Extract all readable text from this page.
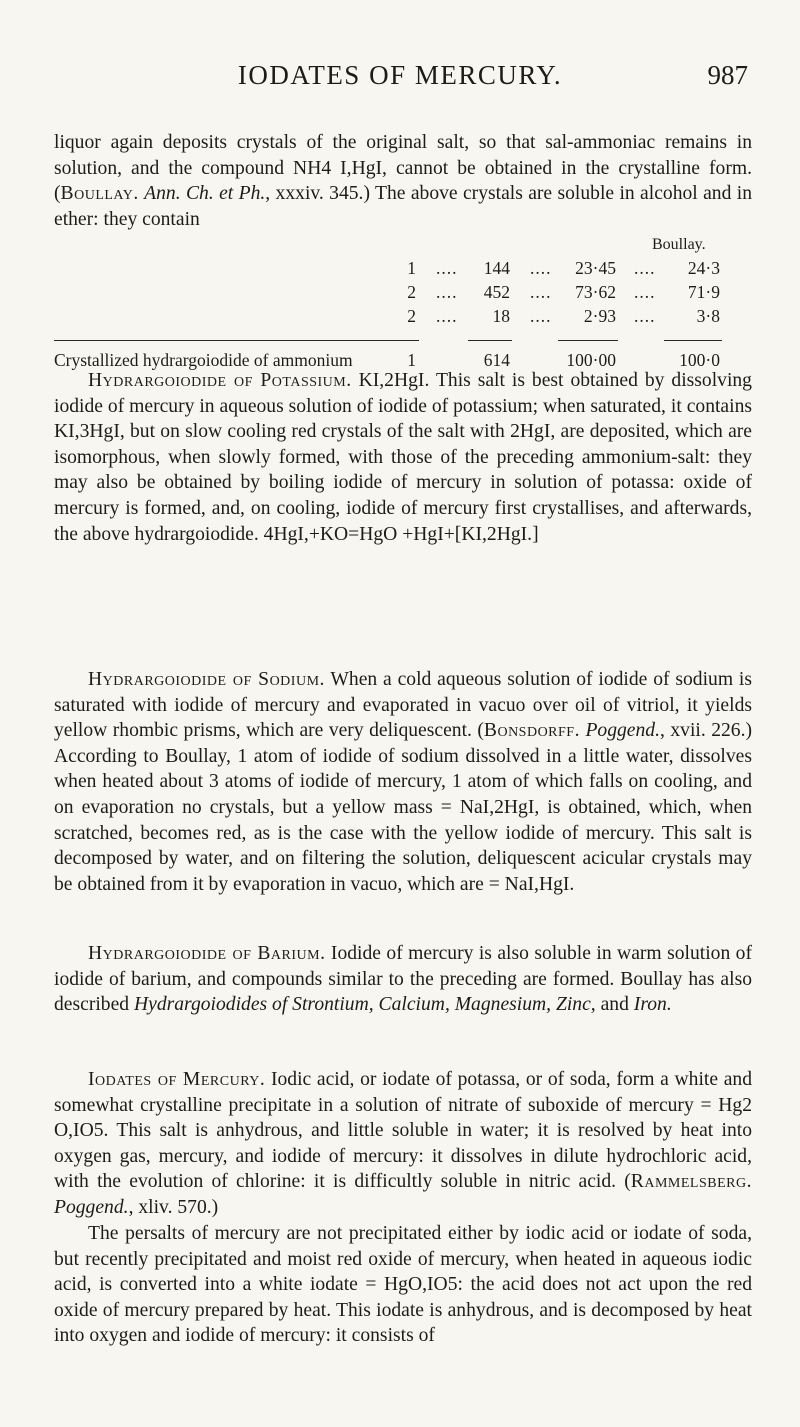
IODATES OF MERCURY.	987

liquor again deposits crystals of the original salt, so that sal-ammoniac remains in solution, and the compound NH4 I,HgI, cannot be obtained in the crystalline form. (Boullay. Ann. Ch. et Ph., xxxiv. 345.) The above crystals are soluble in alcohol and in ether: they contain

Boullay.
1 ....	144 ....	23·45 ....	24·3
2 ....	452 ....	73·62 ....	71·9
2 ....	18 ....	2·93 ....	3·8
Crystallized hydrargoiodide of ammonium	1	614	100·00	100·0

Hydrargoiodide of Potassium. KI,2HgI. This salt is best obtained by dissolving iodide of mercury in aqueous solution of iodide of potassium; when saturated, it contains KI,3HgI, but on slow cooling red crystals of the salt with 2HgI, are deposited, which are isomorphous, when slowly formed, with those of the preceding ammonium-salt: they may also be obtained by boiling iodide of mercury in solution of potassa: oxide of mercury is formed, and, on cooling, iodide of mercury first crystallises, and afterwards, the above hydrargoiodide. 4HgI,+KO=HgO +HgI+[KI,2HgI.]

Hydrargoiodide of Sodium. When a cold aqueous solution of iodide of sodium is saturated with iodide of mercury and evaporated in vacuo over oil of vitriol, it yields yellow rhombic prisms, which are very deliquescent. (Bonsdorff. Poggend., xvii. 226.) According to Boullay, 1 atom of iodide of sodium dissolved in a little water, dissolves when heated about 3 atoms of iodide of mercury, 1 atom of which falls on cooling, and on evaporation no crystals, but a yellow mass = NaI,2HgI, is obtained, which, when scratched, becomes red, as is the case with the yellow iodide of mercury. This salt is decomposed by water, and on filtering the solution, deliquescent acicular crystals may be obtained from it by evaporation in vacuo, which are = NaI,HgI.

Hydrargoiodide of Barium. Iodide of mercury is also soluble in warm solution of iodide of barium, and compounds similar to the preceding are formed. Boullay has also described Hydrargoiodides of Strontium, Calcium, Magnesium, Zinc, and Iron.

Iodates of Mercury. Iodic acid, or iodate of potassa, or of soda, form a white and somewhat crystalline precipitate in a solution of nitrate of suboxide of mercury = Hg2 O,IO5. This salt is anhydrous, and little soluble in water; it is resolved by heat into oxygen gas, mercury, and iodide of mercury: it dissolves in dilute hydrochloric acid, with the evolution of chlorine: it is difficultly soluble in nitric acid. (Rammelsberg. Poggend., xliv. 570.)

The persalts of mercury are not precipitated either by iodic acid or iodate of soda, but recently precipitated and moist red oxide of mercury, when heated in aqueous iodic acid, is converted into a white iodate = HgO,IO5: the acid does not act upon the red oxide of mercury prepared by heat. This iodate is anhydrous, and is decomposed by heat into oxygen and iodide of mercury: it consists of
